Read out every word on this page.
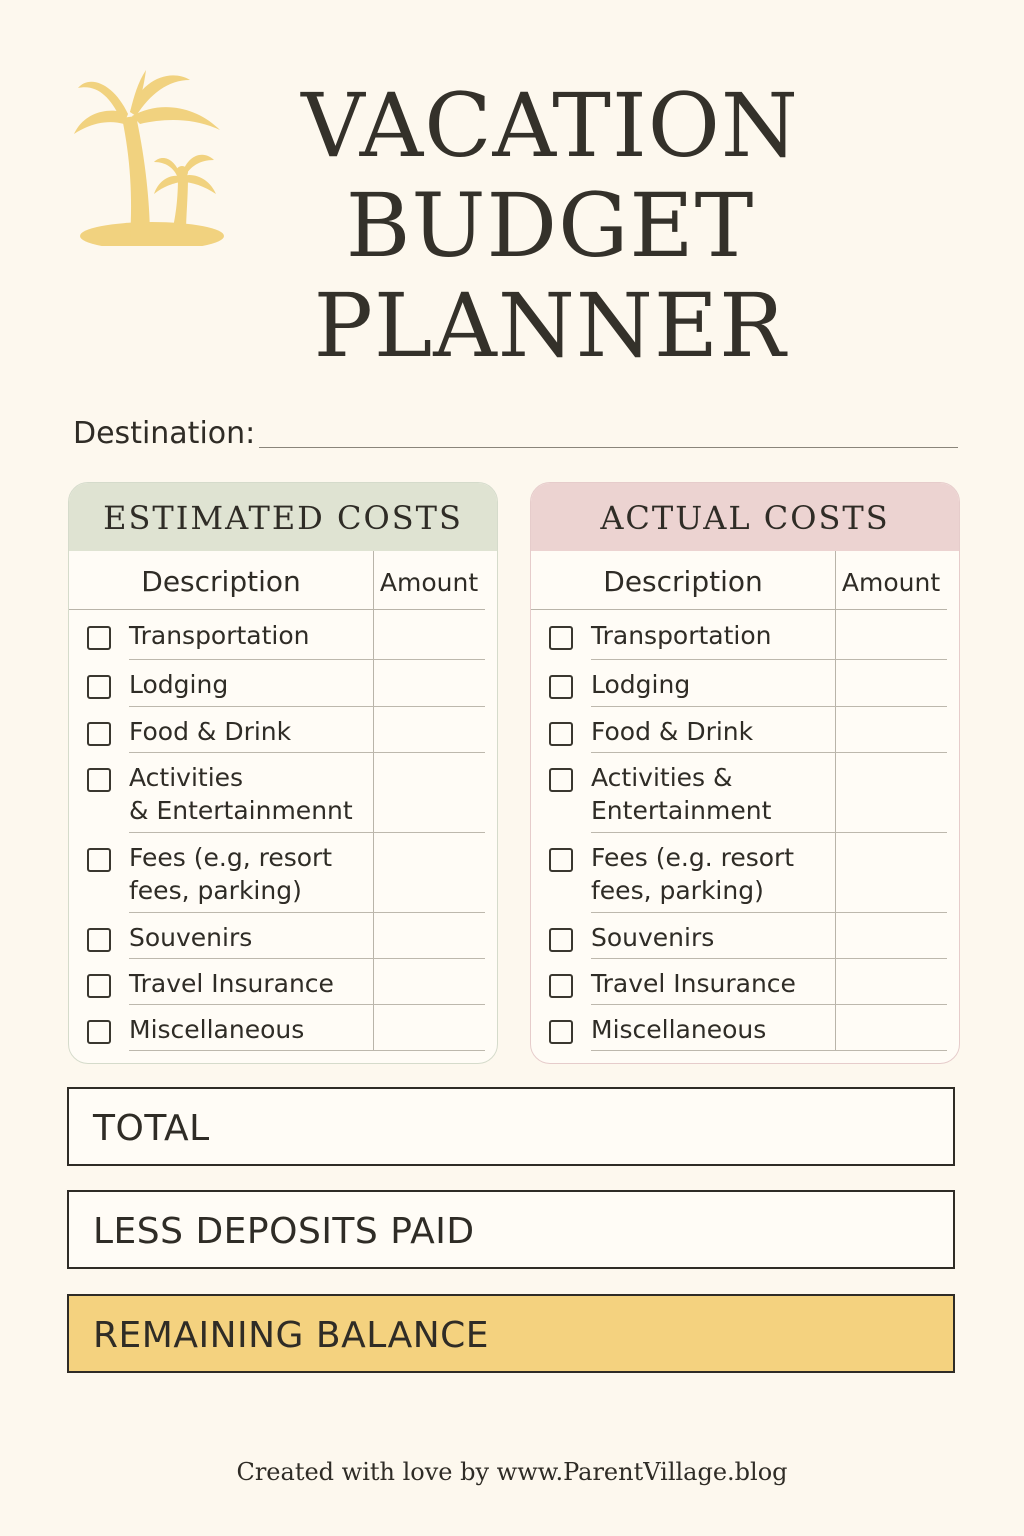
VACATION
BUDGET
PLANNER
Destination:
ESTIMATED COSTS
Description	Amount
Transportation
Lodging
Food & Drink
Activities
& Entertainmennt
Fees (e.g, resort
fees, parking)
Souvenirs
Travel Insurance
Miscellaneous
ACTUAL COSTS
Description	Amount
Transportation
Lodging
Food & Drink
Activities &
Entertainment
Fees (e.g. resort
fees, parking)
Souvenirs
Travel Insurance
Miscellaneous
TOTAL
LESS DEPOSITS PAID
REMAINING BALANCE
Created with love by www.ParentVillage.blog
